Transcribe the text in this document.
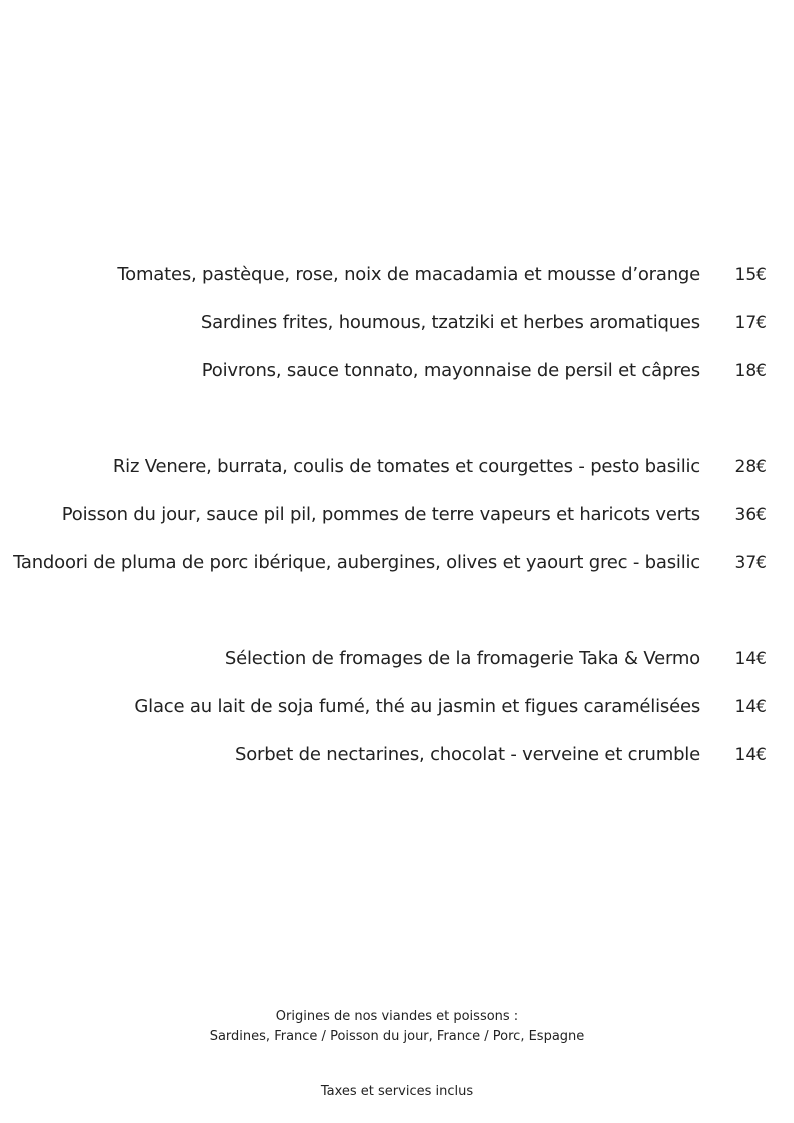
Tomates, pastèque, rose, noix de macadamia et mousse d’orange 15€
Sardines frites, houmous, tzatziki et herbes aromatiques 17€
Poivrons, sauce tonnato, mayonnaise de persil et câpres 18€
Riz Venere, burrata, coulis de tomates et courgettes - pesto basilic 28€
Poisson du jour, sauce pil pil, pommes de terre vapeurs et haricots verts 36€
Tandoori de pluma de porc ibérique, aubergines, olives et yaourt grec - basilic 37€
Sélection de fromages de la fromagerie Taka & Vermo 14€
Glace au lait de soja fumé, thé au jasmin et figues caramélisées 14€
Sorbet de nectarines, chocolat - verveine et crumble 14€
Origines de nos viandes et poissons :
Sardines, France / Poisson du jour, France / Porc, Espagne
Taxes et services inclus
